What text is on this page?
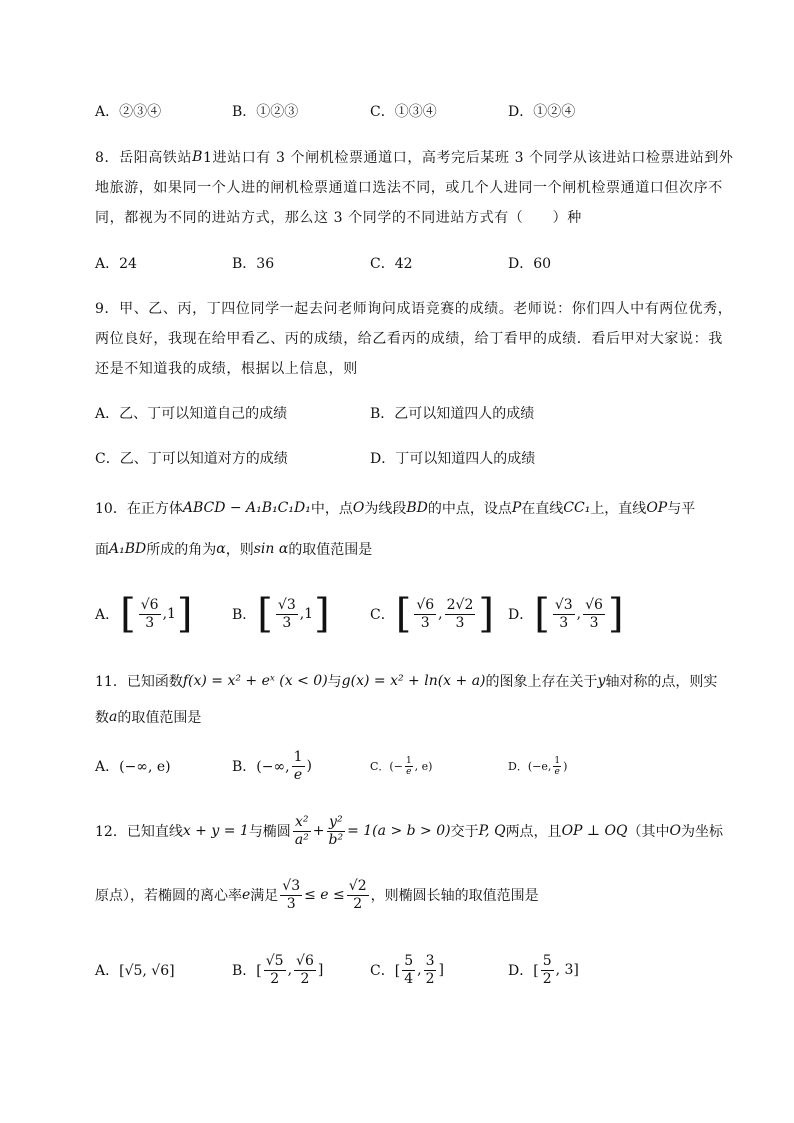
A．②③④	B．①②③	C．①③④	D．①②④
8．岳阳高铁站 B 1进站口有 3 个闸机检票通道口，高考完后某班 3 个同学从该进站口检票进站到外
地旅游，如果同一个人进的闸机检票通道口选法不同，或几个人进同一个闸机检票通道口但次序不
同，都视为不同的进站方式，那么这 3 个同学的不同进站方式有（　　）种
A．24	B．36	C．42	D．60
9．甲、乙、丙，丁四位同学一起去问老师询问成语竞赛的成绩。老师说：你们四人中有两位优秀，
两位良好，我现在给甲看乙、丙的成绩，给乙看丙的成绩，给丁看甲的成绩．看后甲对大家说：我
还是不知道我的成绩，根据以上信息，则
A．乙、丁可以知道自己的成绩	B．乙可以知道四人的成绩
C．乙、丁可以知道对方的成绩	D．丁可以知道四人的成绩
10．在正方体 ABCD − A₁B₁C₁D₁ 中，点 O 为线段 BD 的中点，设点 P 在直线 CC₁ 上，直线 OP 与平
面 A₁BD 所成的角为 α ，则 sin α 的取值范围是
A． [ $\frac{√6}{3} ,1$ ]	B． [ $\frac{√3}{3} ,1$ ]	C． [ $\frac{√6}{3}$ , $\frac{2√2}{3}$ ] D． [ $\frac{√3}{3}$ , $\frac{√6}{3}$ ]
11．已知函数 f(x) = x² + eˣ (x < 0) 与 g(x) = x² + ln(x + a) 的图象上存在关于 y 轴对称的点，则实
数 a 的取值范围是
A．(−∞, e)	B．(−∞, $\frac{1}{e}$ )	C．(− $\frac{1}{e}$ , e)	D．(−e, $\frac{1}{e}$ )
12．已知直线 x + y = 1 与椭圆 $\frac{\text{x²}}{\text{a²}} + \frac{\text{y²}}{\text{b²}} = 1(a > b > 0)$ 交于 P, Q 两点，且 OP ⊥ OQ （其中 O 为坐标
原点），若椭圆的离心率 e 满足 $\frac{√3}{3} \le e \le \frac{√2}{2}$ ，则椭圆长轴的取值范围是
A．[√5, √6]	B．[ $\frac{√5}{2}$ , $\frac{√6}{2}$ ]	C．[ $\frac{5}{4}$ , $\frac{3}{2}$ ]	D．[ $\frac{5}{2}$ , 3]
